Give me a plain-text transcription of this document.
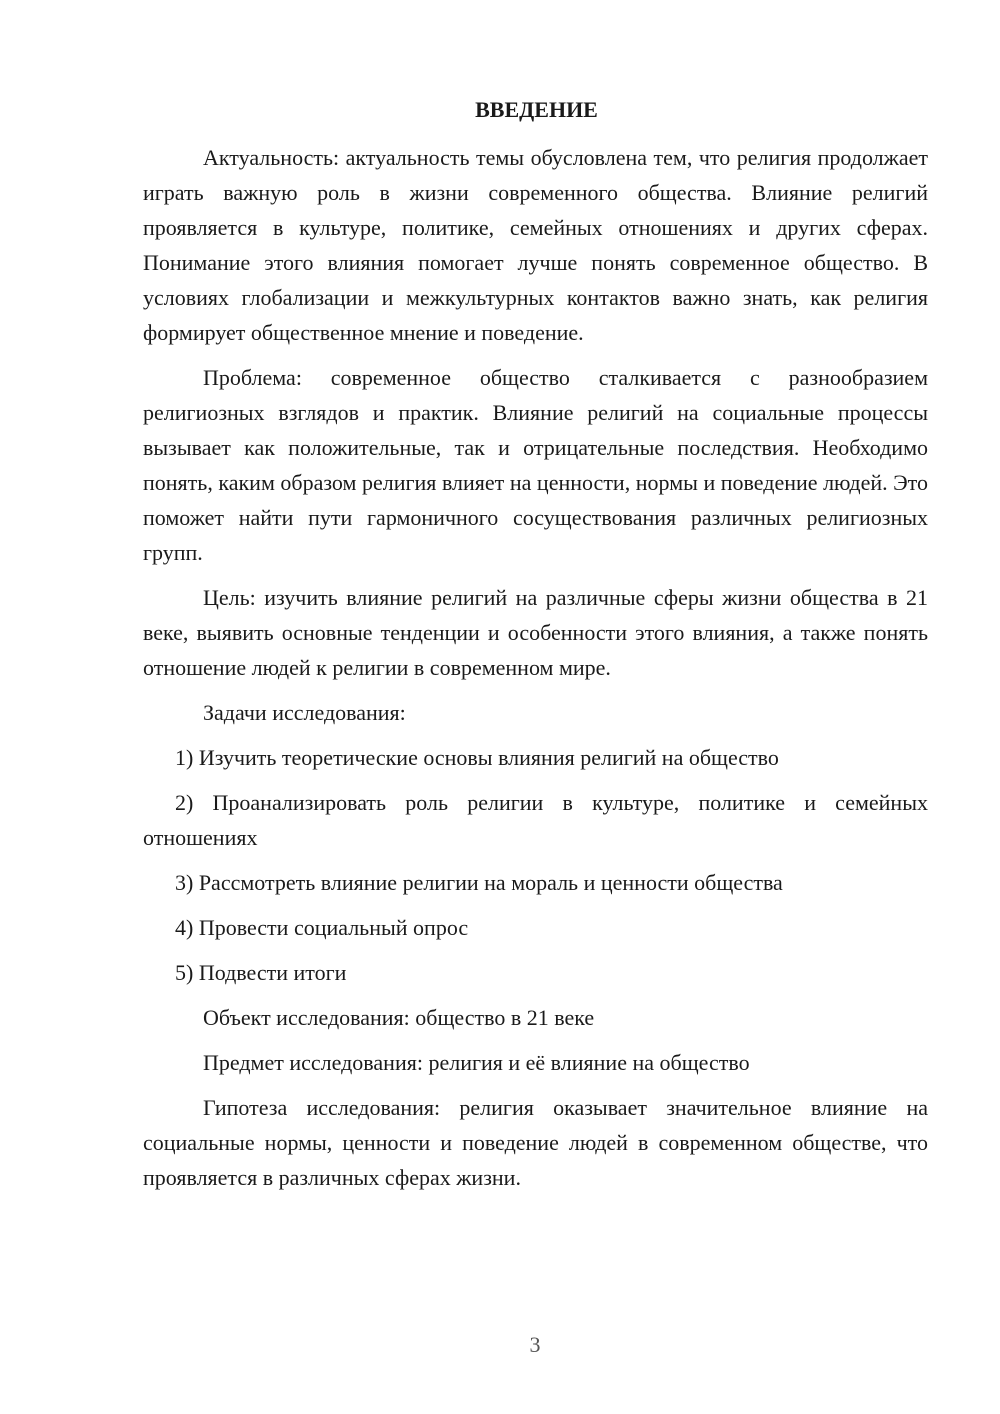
ВВЕДЕНИЕ

Актуальность: актуальность темы обусловлена тем, что религия продолжает играть важную роль в жизни современного общества. Влияние религий проявляется в культуре, политике, семейных отношениях и других сферах. Понимание этого влияния помогает лучше понять современное общество. В условиях глобализации и межкультурных контактов важно знать, как религия формирует общественное мнение и поведение.

Проблема: современное общество сталкивается с разнообразием религиозных взглядов и практик. Влияние религий на социальные процессы вызывает как положительные, так и отрицательные последствия. Необходимо понять, каким образом религия влияет на ценности, нормы и поведение людей. Это поможет найти пути гармоничного сосуществования различных религиозных групп.

Цель: изучить влияние религий на различные сферы жизни общества в 21 веке, выявить основные тенденции и особенности этого влияния, а также понять отношение людей к религии в современном мире.

Задачи исследования:

1) Изучить теоретические основы влияния религий на общество

2) Проанализировать роль религии в культуре, политике и семейных отношениях

3) Рассмотреть влияние религии на мораль и ценности общества

4) Провести социальный опрос

5) Подвести итоги

Объект исследования: общество в 21 веке

Предмет исследования: религия и её влияние на общество

Гипотеза исследования: религия оказывает значительное влияние на социальные нормы, ценности и поведение людей в современном обществе, что проявляется в различных сферах жизни.

3
